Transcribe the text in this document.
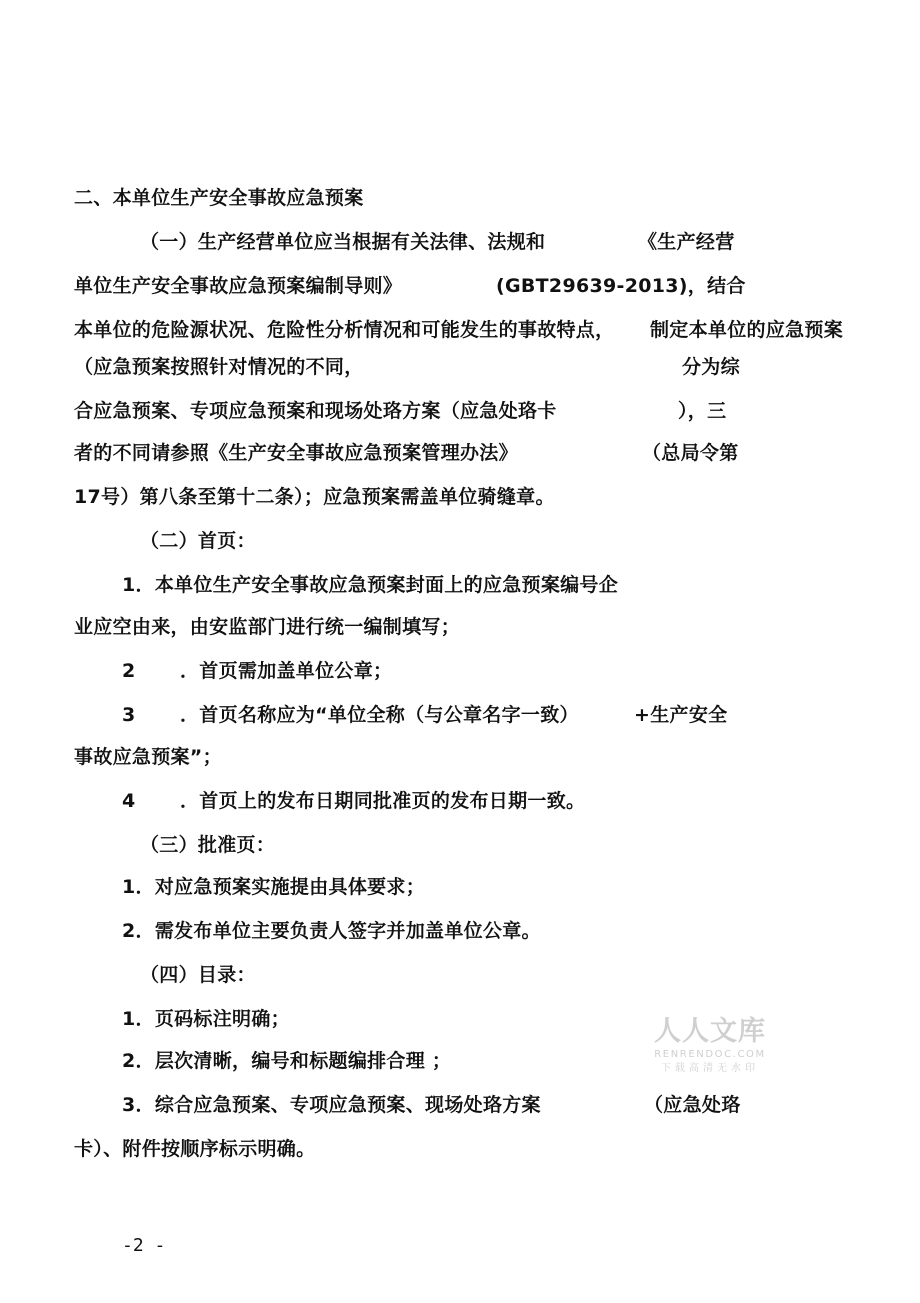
二、本单位生产安全事故应急预案
（一）生产经营单位应当根据有关法律、法规和	《生产经营
单位生产安全事故应急预案编制导则》	(GBT29639-2013)，结合
本单位的危险源状况、危险性分析情况和可能发生的事故特点， 制定本单位的应急预案
（应急预案按照针对情况的不同，	分为综
合应急预案、专项应急预案和现场处珞方案（应急处珞卡	），三
者的不同请参照《生产安全事故应急预案管理办法》	（总局令第
17号）第八条至第十二条）；应急预案需盖单位骑缝章。
（二）首页：
1．本单位生产安全事故应急预案封面上的应急预案编号企
业应空由来，由安监部门进行统一编制填写；
2 ．首页需加盖单位公章；
3 ．首页名称应为“单位全称（与公章名字一致）	+生产安全
事故应急预案”；
4 ．首页上的发布日期同批准页的发布日期一致。
（三）批准页：
1．对应急预案实施提由具体要求；
2．需发布单位主要负责人签字并加盖单位公章。
（四）目录：
1．页码标注明确；
2．层次清晰，编号和标题编排合理 ；
3．综合应急预案、专项应急预案、现场处珞方案	（应急处珞
卡）、附件按顺序标示明确。
-2 -
人人文库
RENRENDOC.COM
下载高清无水印
